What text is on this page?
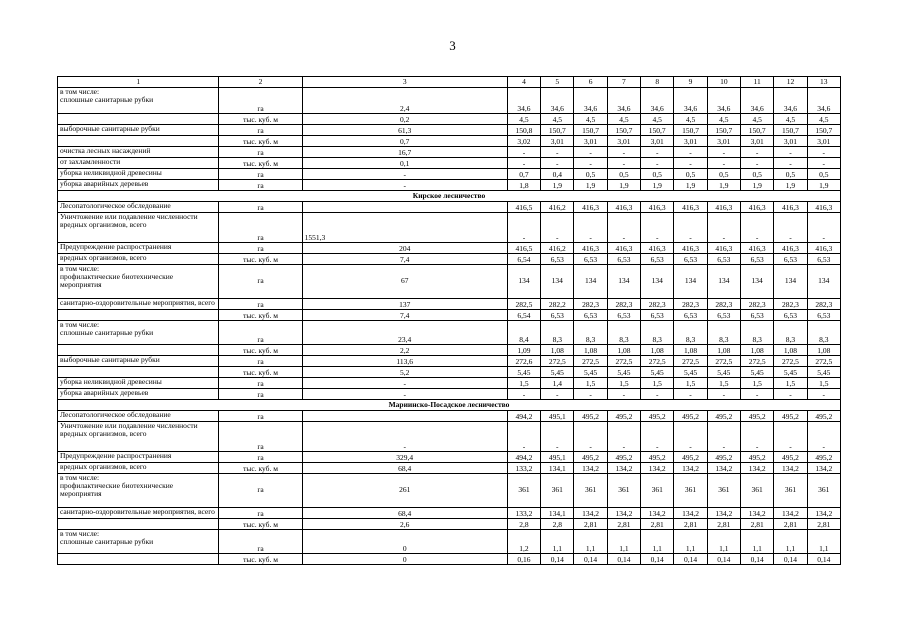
3
1	2	3	4	5	6	7	8	9	10	11	12	13
в том числе:
сплошные санитарные рубки	га	2,4	34,6	34,6	34,6	34,6	34,6	34,6	34,6	34,6	34,6	34,6
	тыс. куб. м	0,2	4,5	4,5	4,5	4,5	4,5	4,5	4,5	4,5	4,5	4,5
выборочные санитарные рубки	га	61,3	150,8	150,7	150,7	150,7	150,7	150,7	150,7	150,7	150,7	150,7
	тыс. куб. м	0,7	3,02	3,01	3,01	3,01	3,01	3,01	3,01	3,01	3,01	3,01
очистка лесных насаждений	га	16,7	-	-	-	-	-	-	-	-	-	-
от захламленности	тыс. куб. м	0,1	-	-	-	-	-	-	-	-	-	-
уборка неликвидной древесины	га	-	0,7	0,4	0,5	0,5	0,5	0,5	0,5	0,5	0,5	0,5
уборка аварийных деревьев	га	-	1,8	1,9	1,9	1,9	1,9	1,9	1,9	1,9	1,9	1,9
Кирское лесничество												
Лесопатологическое обследование	га		416,5	416,2	416,3	416,3	416,3	416,3	416,3	416,3	416,3	416,3
Уничтожение или подавление численности вредных организмов, всего	га	1551,3	-	-	-	-	-	-	-	-	-	-
Предупреждение распространения	га	204	416,5	416,2	416,3	416,3	416,3	416,3	416,3	416,3	416,3	416,3
вредных организмов, всего	тыс. куб. м	7,4	6,54	6,53	6,53	6,53	6,53	6,53	6,53	6,53	6,53	6,53
в том числе:
профилактические биотехнические мероприятия	га	67	134	134	134	134	134	134	134	134	134	134
санитарно-оздоровительные мероприятия, всего	га	137	282,5	282,2	282,3	282,3	282,3	282,3	282,3	282,3	282,3	282,3
	тыс. куб. м	7,4	6,54	6,53	6,53	6,53	6,53	6,53	6,53	6,53	6,53	6,53
в том числе:
сплошные санитарные рубки	га	23,4	8,4	8,3	8,3	8,3	8,3	8,3	8,3	8,3	8,3	8,3
	тыс. куб. м	2,2	1,09	1,08	1,08	1,08	1,08	1,08	1,08	1,08	1,08	1,08
выборочные санитарные рубки	га	113,6	272,6	272,5	272,5	272,5	272,5	272,5	272,5	272,5	272,5	272,5
	тыс. куб. м	5,2	5,45	5,45	5,45	5,45	5,45	5,45	5,45	5,45	5,45	5,45
уборка неликвидной древесины	га	-	1,5	1,4	1,5	1,5	1,5	1,5	1,5	1,5	1,5	1,5
уборка аварийных деревьев	га	-	-	-	-	-	-	-	-	-	-	-
Мариинско-Посадское лесничество												
Лесопатологическое обследование	га		494,2	495,1	495,2	495,2	495,2	495,2	495,2	495,2	495,2	495,2
Уничтожение или подавление численности вредных организмов, всего	га	-	-	-	-	-	-	-	-	-	-	-
Предупреждение распространения	га	329,4	494,2	495,1	495,2	495,2	495,2	495,2	495,2	495,2	495,2	495,2
вредных организмов, всего	тыс. куб. м	68,4	133,2	134,1	134,2	134,2	134,2	134,2	134,2	134,2	134,2	134,2
в том числе:
профилактические биотехнические мероприятия	га	261	361	361	361	361	361	361	361	361	361	361
санитарно-оздоровительные мероприятия, всего	га	68,4	133,2	134,1	134,2	134,2	134,2	134,2	134,2	134,2	134,2	134,2
	тыс. куб. м	2,6	2,8	2,8	2,81	2,81	2,81	2,81	2,81	2,81	2,81	2,81
в том числе:
сплошные санитарные рубки	га	0	1,2	1,1	1,1	1,1	1,1	1,1	1,1	1,1	1,1	1,1
	тыс. куб. м	0	0,16	0,14	0,14	0,14	0,14	0,14	0,14	0,14	0,14	0,14
